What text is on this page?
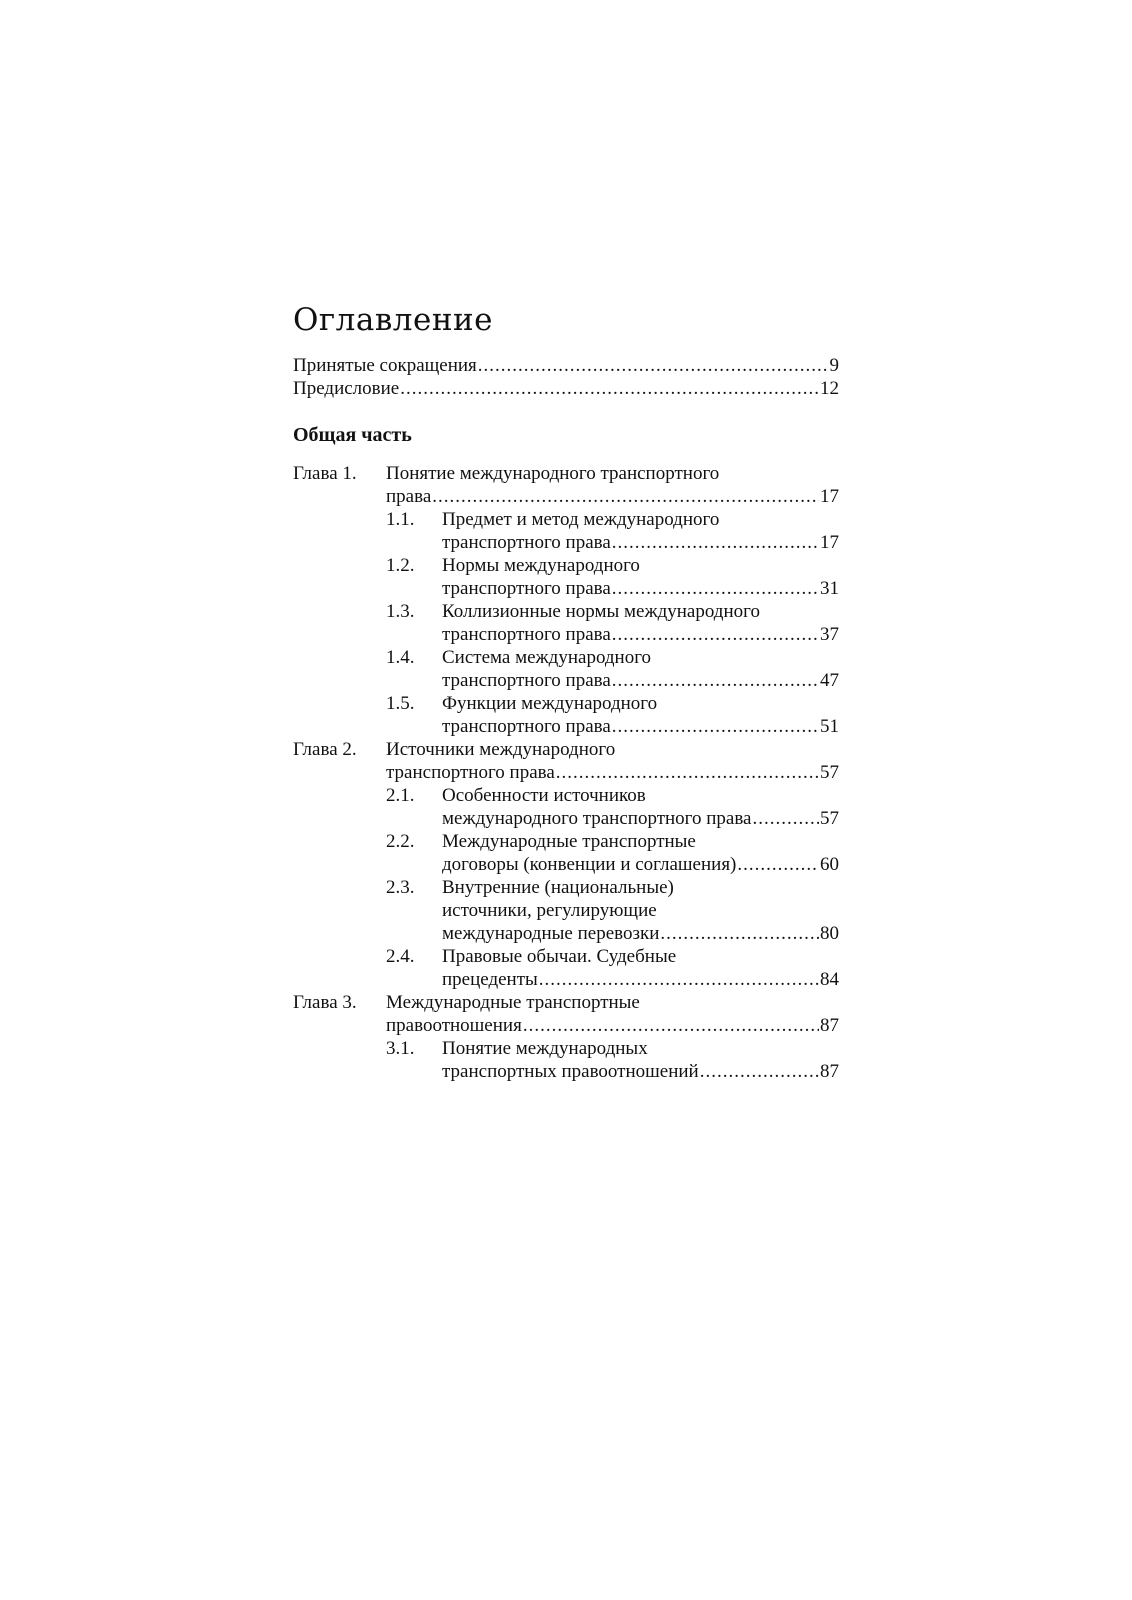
Оглавление
Принятые сокращения .....	9
Предисловие .....	12
Общая часть
Глава 1.	Понятие международного транспортного
права .....	17
1.1.	Предмет и метод международного
транспортного права .....	17
1.2.	Нормы международного
транспортного права .....	31
1.3.	Коллизионные нормы международного
транспортного права .....	37
1.4.	Система международного
транспортного права .....	47
1.5.	Функции международного
транспортного права .....	51
Глава 2.	Источники международного
транспортного права .....	57
2.1.	Особенности источников
международного транспортного права .....	57
2.2.	Международные транспортные
договоры (конвенции и соглашения) .....	60
2.3.	Внутренние (национальные)
источники, регулирующие
международные перевозки .....	80
2.4.	Правовые обычаи. Судебные
прецеденты .....	84
Глава 3.	Международные транспортные
правоотношения .....	87
3.1.	Понятие международных
транспортных правоотношений .....	87
